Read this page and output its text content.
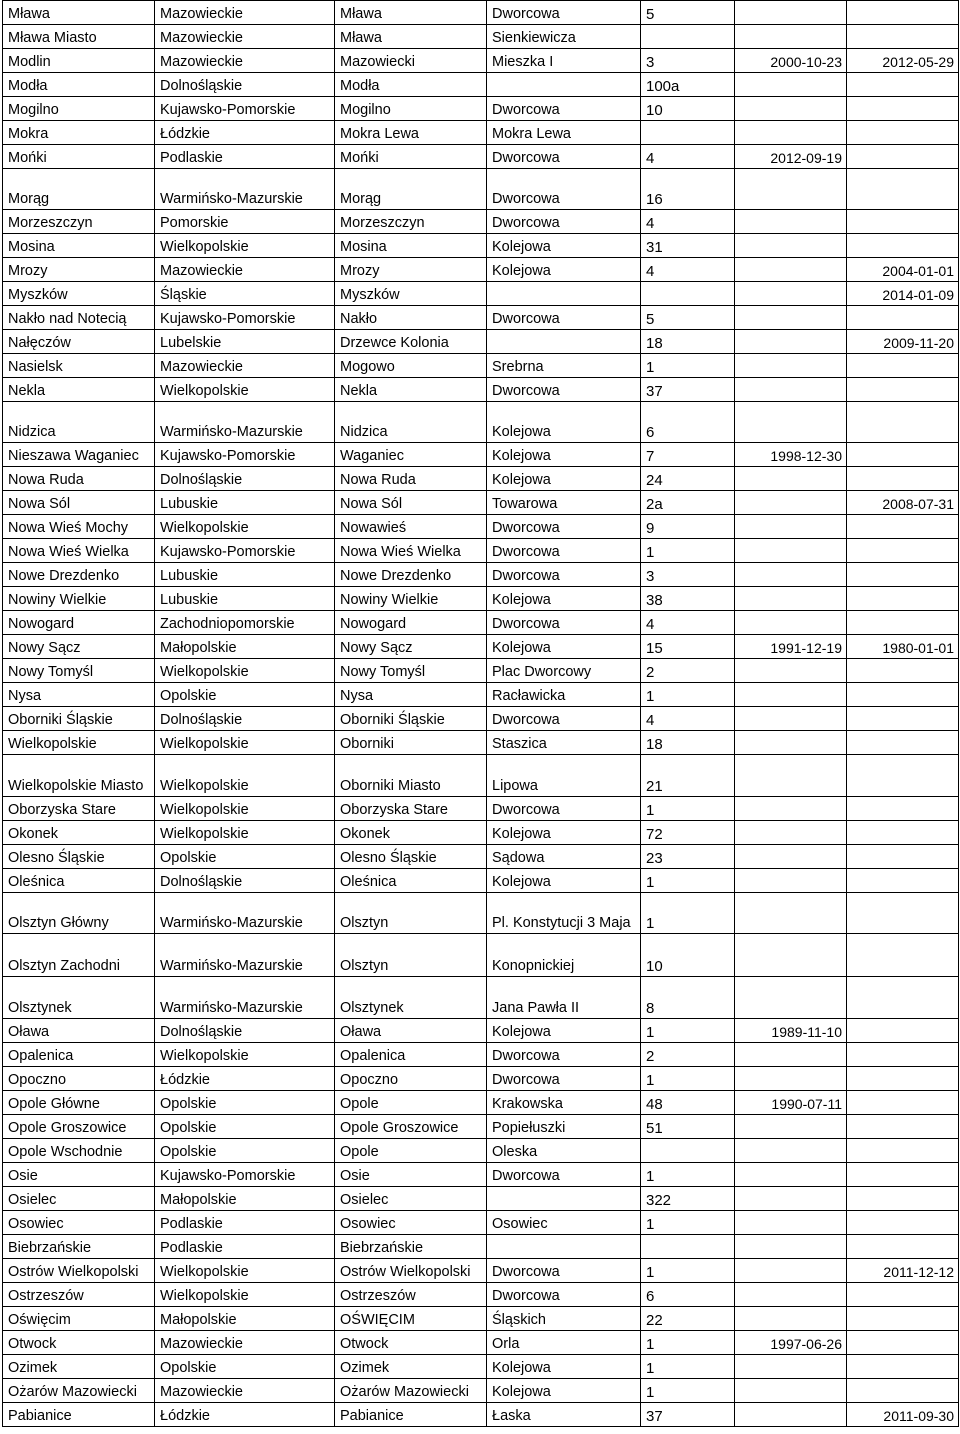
Mława	Mazowieckie	Mława	Dworcowa	5		
Mława Miasto	Mazowieckie	Mława	Sienkiewicza			
Modlin	Mazowieckie	Mazowiecki	Mieszka I	3	2000-10-23	2012-05-29
Modła	Dolnośląskie	Modła		100a		
Mogilno	Kujawsko-Pomorskie	Mogilno	Dworcowa	10		
Mokra	Łódzkie	Mokra Lewa	Mokra Lewa			
Mońki	Podlaskie	Mońki	Dworcowa	4	2012-09-19	
Morąg	Warmińsko-Mazurskie	Morąg	Dworcowa	16		
Morzeszczyn	Pomorskie	Morzeszczyn	Dworcowa	4		
Mosina	Wielkopolskie	Mosina	Kolejowa	31		
Mrozy	Mazowieckie	Mrozy	Kolejowa	4		2004-01-01
Myszków	Śląskie	Myszków				2014-01-09
Nakło nad Notecią	Kujawsko-Pomorskie	Nakło	Dworcowa	5		
Nałęczów	Lubelskie	Drzewce Kolonia		18		2009-11-20
Nasielsk	Mazowieckie	Mogowo	Srebrna	1		
Nekla	Wielkopolskie	Nekla	Dworcowa	37		
Nidzica	Warmińsko-Mazurskie	Nidzica	Kolejowa	6		
Nieszawa Waganiec	Kujawsko-Pomorskie	Waganiec	Kolejowa	7	1998-12-30	
Nowa Ruda	Dolnośląskie	Nowa Ruda	Kolejowa	24		
Nowa Sól	Lubuskie	Nowa Sól	Towarowa	2a		2008-07-31
Nowa Wieś Mochy	Wielkopolskie	Nowawieś	Dworcowa	9		
Nowa Wieś Wielka	Kujawsko-Pomorskie	Nowa Wieś Wielka	Dworcowa	1		
Nowe Drezdenko	Lubuskie	Nowe Drezdenko	Dworcowa	3		
Nowiny Wielkie	Lubuskie	Nowiny Wielkie	Kolejowa	38		
Nowogard	Zachodniopomorskie	Nowogard	Dworcowa	4		
Nowy Sącz	Małopolskie	Nowy Sącz	Kolejowa	15	1991-12-19	1980-01-01
Nowy Tomyśl	Wielkopolskie	Nowy Tomyśl	Plac Dworcowy	2		
Nysa	Opolskie	Nysa	Racławicka	1		
Oborniki Śląskie	Dolnośląskie	Oborniki Śląskie	Dworcowa	4		
Wielkopolskie	Wielkopolskie	Oborniki	Staszica	18		
Wielkopolskie Miasto	Wielkopolskie	Oborniki Miasto	Lipowa	21		
Oborzyska Stare	Wielkopolskie	Oborzyska Stare	Dworcowa	1		
Okonek	Wielkopolskie	Okonek	Kolejowa	72		
Olesno Śląskie	Opolskie	Olesno Śląskie	Sądowa	23		
Oleśnica	Dolnośląskie	Oleśnica	Kolejowa	1		
Olsztyn Główny	Warmińsko-Mazurskie	Olsztyn	Pl. Konstytucji 3 Maja	1		
Olsztyn Zachodni	Warmińsko-Mazurskie	Olsztyn	Konopnickiej	10		
Olsztynek	Warmińsko-Mazurskie	Olsztynek	Jana Pawła II	8		
Oława	Dolnośląskie	Oława	Kolejowa	1	1989-11-10	
Opalenica	Wielkopolskie	Opalenica	Dworcowa	2		
Opoczno	Łódzkie	Opoczno	Dworcowa	1		
Opole Główne	Opolskie	Opole	Krakowska	48	1990-07-11	
Opole Groszowice	Opolskie	Opole Groszowice	Popiełuszki	51		
Opole Wschodnie	Opolskie	Opole	Oleska			
Osie	Kujawsko-Pomorskie	Osie	Dworcowa	1		
Osielec	Małopolskie	Osielec		322		
Osowiec	Podlaskie	Osowiec	Osowiec	1		
Biebrzańskie	Podlaskie	Biebrzańskie				
Ostrów Wielkopolski	Wielkopolskie	Ostrów Wielkopolski	Dworcowa	1		2011-12-12
Ostrzeszów	Wielkopolskie	Ostrzeszów	Dworcowa	6		
Oświęcim	Małopolskie	OŚWIĘCIM	Śląskich	22		
Otwock	Mazowieckie	Otwock	Orla	1	1997-06-26	
Ozimek	Opolskie	Ozimek	Kolejowa	1		
Ożarów Mazowiecki	Mazowieckie	Ożarów Mazowiecki	Kolejowa	1		
Pabianice	Łódzkie	Pabianice	Łaska	37		2011-09-30
